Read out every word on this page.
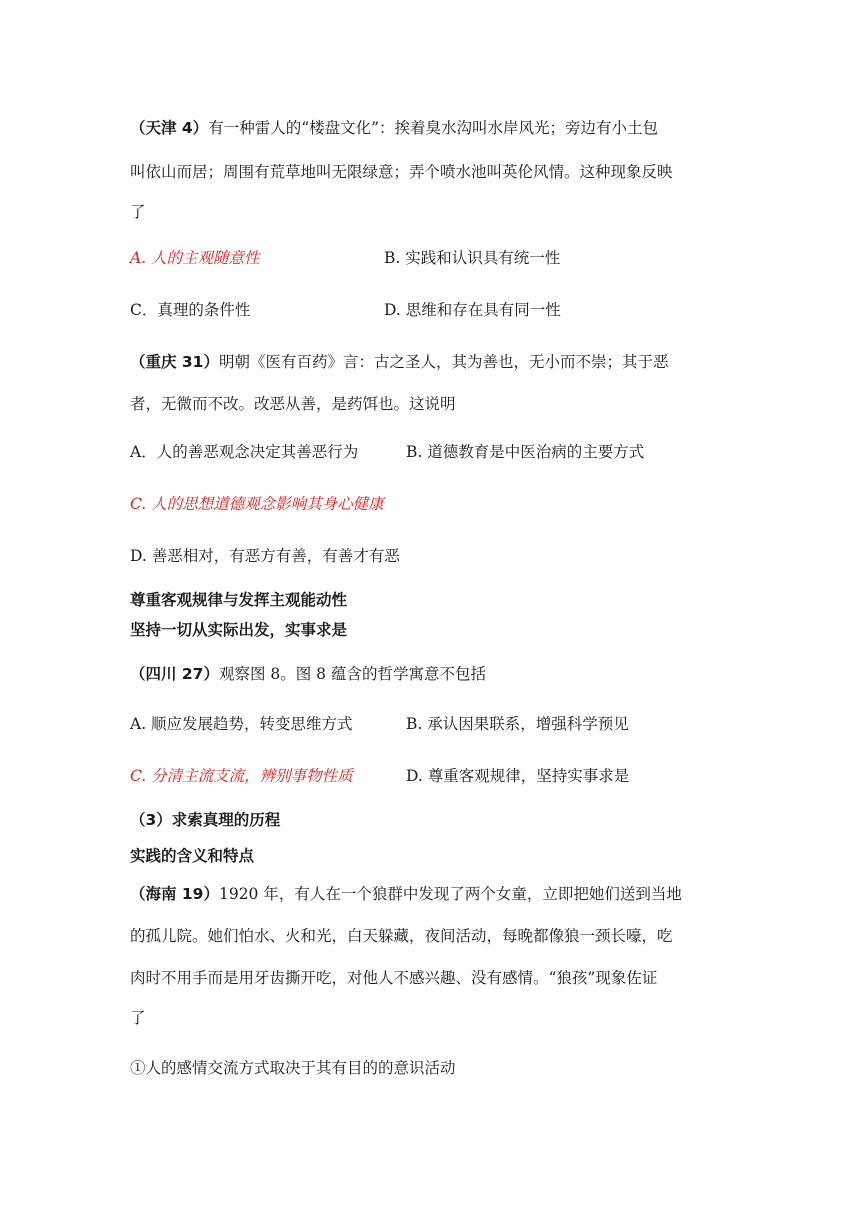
（天津 4）有一种雷人的“楼盘文化”：挨着臭水沟叫水岸风光；旁边有小土包
叫依山而居；周围有荒草地叫无限绿意；弄个喷水池叫英伦风情。这种现象反映
了
A. 人的主观随意性	B. 实践和认识具有统一性
C．真理的条件性	D. 思维和存在具有同一性
（重庆 31）明朝《医有百药》言：古之圣人，其为善也，无小而不崇；其于恶
者，无微而不改。改恶从善，是药饵也。这说明
A．人的善恶观念决定其善恶行为	B. 道德教育是中医治病的主要方式
C. 人的思想道德观念影响其身心健康
D. 善恶相对，有恶方有善，有善才有恶
尊重客观规律与发挥主观能动性
坚持一切从实际出发，实事求是
（四川 27）观察图 8。图 8 蕴含的哲学寓意不包括
A. 顺应发展趋势，转变思维方式	B. 承认因果联系，增强科学预见
C. 分清主流支流，辨别事物性质	D. 尊重客观规律，坚持实事求是
（3）求索真理的历程
实践的含义和特点
（海南 19）1920 年，有人在一个狼群中发现了两个女童，立即把她们送到当地
的孤儿院。她们怕水、火和光，白天躲藏，夜间活动，每晚都像狼一颈长嚎，吃
肉时不用手而是用牙齿撕开吃，对他人不感兴趣、没有感情。“狼孩”现象佐证
了
①人的感情交流方式取决于其有目的的意识活动
